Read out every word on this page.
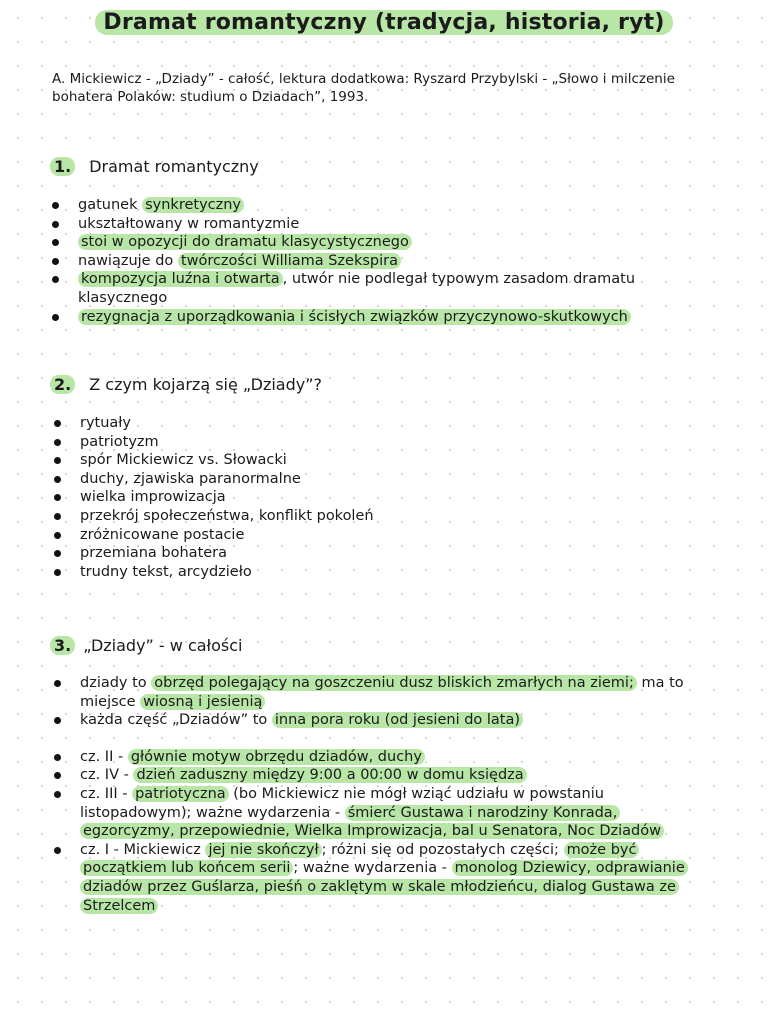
Dramat romantyczny (tradycja, historia, ryt)
A. Mickiewicz - „Dziady” - całość, lektura dodatkowa: Ryszard Przybylski - „Słowo i milczenie bohatera Polaków: studium o Dziadach”, 1993.
1. Dramat romantyczny
gatunek synkretyczny
ukształtowany w romantyzmie
stoi w opozycji do dramatu klasycystycznego
nawiązuje do twórczości Williama Szekspira
kompozycja luźna i otwarta , utwór nie podlegał typowym zasadom dramatu klasycznego
rezygnacja z uporządkowania i ścisłych związków przyczynowo-skutkowych
2. Z czym kojarzą się „Dziady”?
rytuały
patriotyzm
spór Mickiewicz vs. Słowacki
duchy, zjawiska paranormalne
wielka improwizacja
przekrój społeczeństwa, konflikt pokoleń
zróżnicowane postacie
przemiana bohatera
trudny tekst, arcydzieło
3. „Dziady” - w całości
dziady to obrzęd polegający na goszczeniu dusz bliskich zmarłych na ziemi; ma to miejsce wiosną i jesienią
każda część „Dziadów” to inna pora roku (od jesieni do lata)
cz. II - głównie motyw obrzędu dziadów, duchy
cz. IV - dzień zaduszny między 9:00 a 00:00 w domu księdza
cz. III - patriotyczna (bo Mickiewicz nie mógł wziąć udziału w powstaniu listopadowym); ważne wydarzenia - śmierć Gustawa i narodziny Konrada, egzorcyzmy, przepowiednie, Wielka Improwizacja, bal u Senatora, Noc Dziadów
cz. I - Mickiewicz jej nie skończył ; różni się od pozostałych części; może być początkiem lub końcem serii ; ważne wydarzenia - monolog Dziewicy, odprawianie dziadów przez Guślarza, pieśń o zaklętym w skale młodzieńcu, dialog Gustawa ze Strzelcem
